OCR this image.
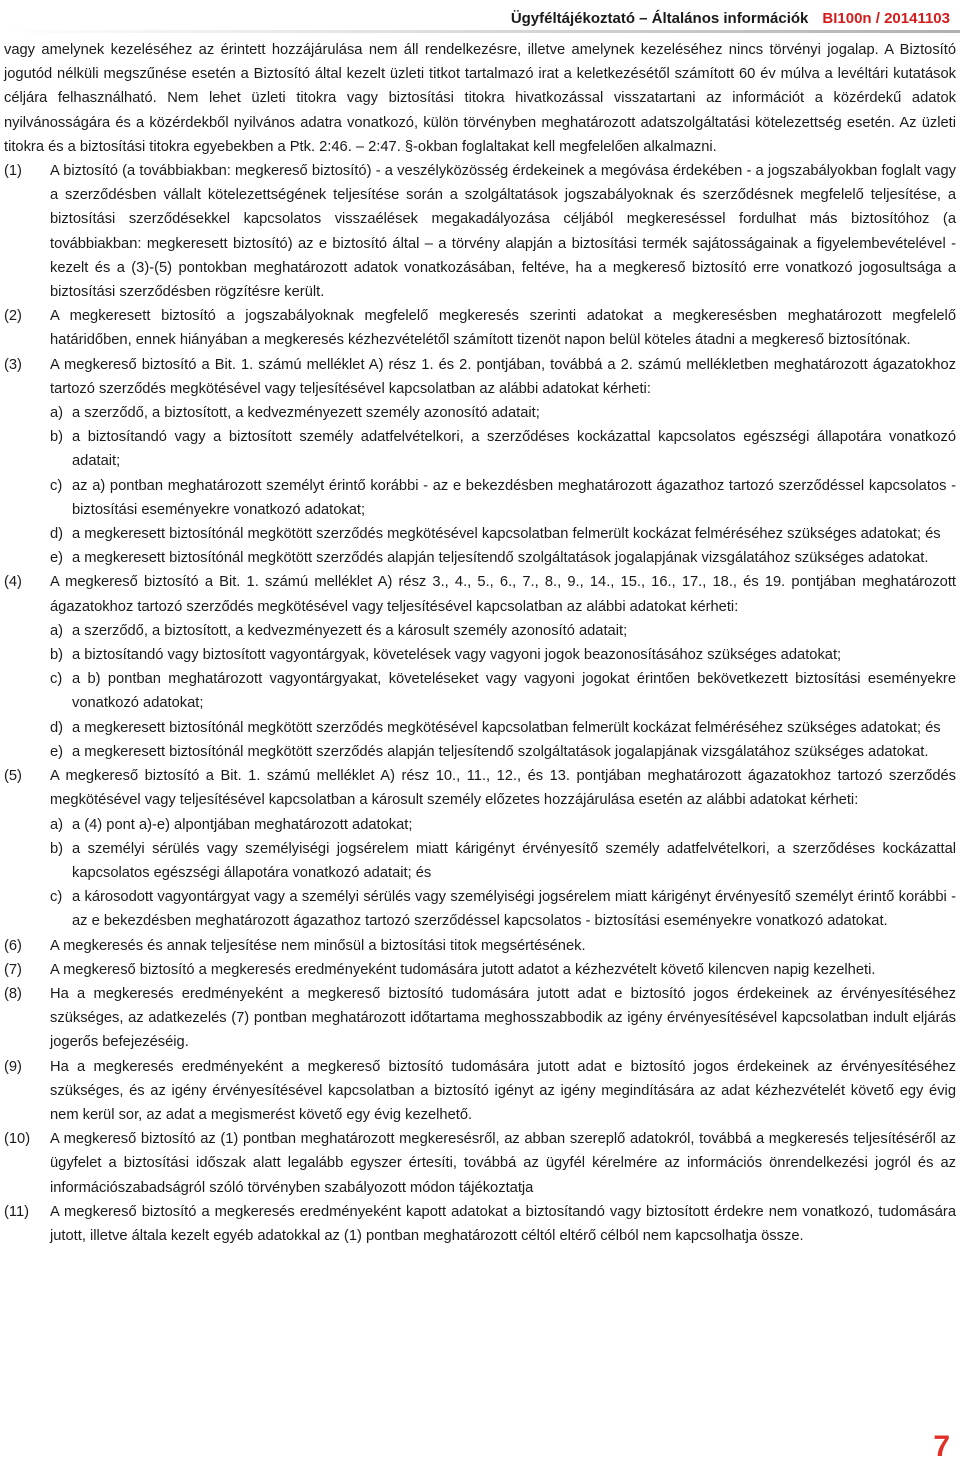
Ügyféltájékoztató – Általános információk BI100n / 20141103

vagy amelynek kezeléséhez az érintett hozzájárulása nem áll rendelkezésre, illetve amelynek kezeléséhez nincs törvényi jogalap. A Biztosító jogutód nélküli megszűnése esetén a Biztosító által kezelt üzleti titkot tartalmazó irat a keletkezésétől számított 60 év múlva a levéltári kutatások céljára felhasználható. Nem lehet üzleti titokra vagy biztosítási titokra hivatkozással visszatartani az információt a közérdekű adatok nyilvánosságára és a közérdekből nyilvános adatra vonatkozó, külön törvényben meghatározott adatszolgáltatási kötelezettség esetén. Az üzleti titokra és a biztosítási titokra egyebekben a Ptk. 2:46. – 2:47. §-okban foglaltakat kell megfelelően alkalmazni.

(1)	A biztosító (a továbbiakban: megkereső biztosító) - a veszélyközösség érdekeinek a megóvása érdekében - a jogszabályokban foglalt vagy a szerződésben vállalt kötelezettségének teljesítése során a szolgáltatások jogszabályoknak és szerződésnek megfelelő teljesítése, a biztosítási szerződésekkel kapcsolatos visszaélések megakadályozása céljából megkereséssel fordulhat más biztosítóhoz (a továbbiakban: megkeresett biztosító) az e biztosító által – a törvény alapján a biztosítási termék sajátosságainak a figyelembevételével - kezelt és a (3)-(5) pontokban meghatározott adatok vonatkozásában, feltéve, ha a megkereső biztosító erre vonatkozó jogosultsága a biztosítási szerződésben rögzítésre került.
(2)	A megkeresett biztosító a jogszabályoknak megfelelő megkeresés szerinti adatokat a megkeresésben meghatározott megfelelő határidőben, ennek hiányában a megkeresés kézhezvételétől számított tizenöt napon belül köteles átadni a megkereső biztosítónak.
(3)	A megkereső biztosító a Bit. 1. számú melléklet A) rész 1. és 2. pontjában, továbbá a 2. számú mellékletben meghatározott ágazatokhoz tartozó szerződés megkötésével vagy teljesítésével kapcsolatban az alábbi adatokat kérheti:
a) a szerződő, a biztosított, a kedvezményezett személy azonosító adatait;
b) a biztosítandó vagy a biztosított személy adatfelvételkori, a szerződéses kockázattal kapcsolatos egészségi állapotára vonatkozó adatait;
c) az a) pontban meghatározott személyt érintő korábbi - az e bekezdésben meghatározott ágazathoz tartozó szerződéssel kapcsolatos - biztosítási eseményekre vonatkozó adatokat;
d) a megkeresett biztosítónál megkötött szerződés megkötésével kapcsolatban felmerült kockázat felméréséhez szükséges adatokat; és
e) a megkeresett biztosítónál megkötött szerződés alapján teljesítendő szolgáltatások jogalapjának vizsgálatához szükséges adatokat.
(4)	A megkereső biztosító a Bit. 1. számú melléklet A) rész 3., 4., 5., 6., 7., 8., 9., 14., 15., 16., 17., 18., és 19. pontjában meghatározott ágazatokhoz tartozó szerződés megkötésével vagy teljesítésével kapcsolatban az alábbi adatokat kérheti:
a) a szerződő, a biztosított, a kedvezményezett és a károsult személy azonosító adatait;
b) a biztosítandó vagy biztosított vagyontárgyak, követelések vagy vagyoni jogok beazonosításához szükséges adatokat;
c) a b) pontban meghatározott vagyontárgyakat, követeléseket vagy vagyoni jogokat érintően bekövetkezett biztosítási eseményekre vonatkozó adatokat;
d) a megkeresett biztosítónál megkötött szerződés megkötésével kapcsolatban felmerült kockázat felméréséhez szükséges adatokat; és
e) a megkeresett biztosítónál megkötött szerződés alapján teljesítendő szolgáltatások jogalapjának vizsgálatához szükséges adatokat.
(5)	A megkereső biztosító a Bit. 1. számú melléklet A) rész 10., 11., 12., és 13. pontjában meghatározott ágazatokhoz tartozó szerződés megkötésével vagy teljesítésével kapcsolatban a károsult személy előzetes hozzájárulása esetén az alábbi adatokat kérheti:
a) a (4) pont a)-e) alpontjában meghatározott adatokat;
b) a személyi sérülés vagy személyiségi jogsérelem miatt kárigényt érvényesítő személy adatfelvételkori, a szerződéses kockázattal kapcsolatos egészségi állapotára vonatkozó adatait; és
c) a károsodott vagyontárgyat vagy a személyi sérülés vagy személyiségi jogsérelem miatt kárigényt érvényesítő személyt érintő korábbi - az e bekezdésben meghatározott ágazathoz tartozó szerződéssel kapcsolatos - biztosítási eseményekre vonatkozó adatokat.
(6)	A megkeresés és annak teljesítése nem minősül a biztosítási titok megsértésének.
(7)	A megkereső biztosító a megkeresés eredményeként tudomására jutott adatot a kézhezvételt követő kilencven napig kezelheti.
(8)	Ha a megkeresés eredményeként a megkereső biztosító tudomására jutott adat e biztosító jogos érdekeinek az érvényesítéséhez szükséges, az adatkezelés (7) pontban meghatározott időtartama meghosszabbodik az igény érvényesítésével kapcsolatban indult eljárás jogerős befejezéséig.
(9)	Ha a megkeresés eredményeként a megkereső biztosító tudomására jutott adat e biztosító jogos érdekeinek az érvényesítéséhez szükséges, és az igény érvényesítésével kapcsolatban a biztosító igényt az igény megindítására az adat kézhezvételét követő egy évig nem kerül sor, az adat a megismerést követő egy évig kezelhető.
(10)	A megkereső biztosító az (1) pontban meghatározott megkeresésről, az abban szereplő adatokról, továbbá a megkeresés teljesítéséről az ügyfelet a biztosítási időszak alatt legalább egyszer értesíti, továbbá az ügyfél kérelmére az információs önrendelkezési jogról és az információszabadságról szóló törvényben szabályozott módon tájékoztatja
(11)	A megkereső biztosító a megkeresés eredményeként kapott adatokat a biztosítandó vagy biztosított érdekre nem vonatkozó, tudomására jutott, illetve általa kezelt egyéb adatokkal az (1) pontban meghatározott céltól eltérő célból nem kapcsolhatja össze.
7
